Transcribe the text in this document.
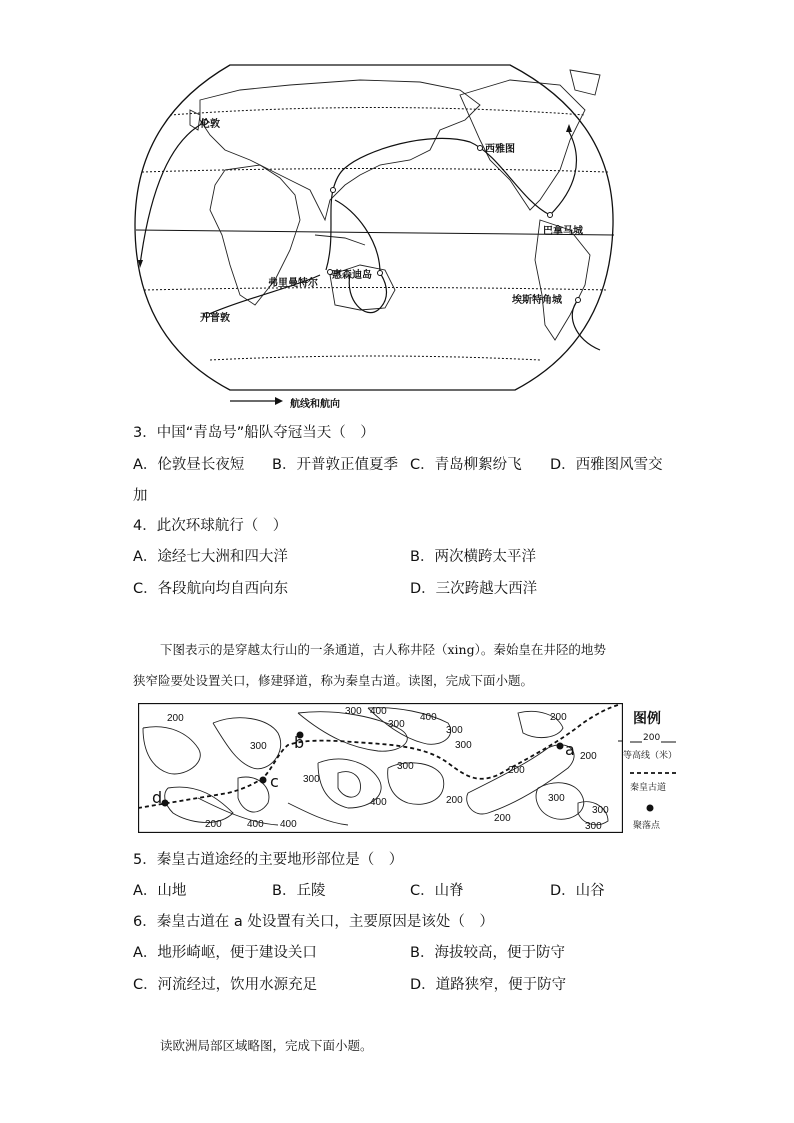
伦敦
西雅图
巴拿马城
弗里曼特尔
惠森迪岛
开普敦
埃斯特角城
航线和航向
3．中国“青岛号”船队夺冠当天（　）
A．伦敦昼长夜短 B．开普敦正值夏季 C．青岛柳絮纷飞 D．西雅图风雪交
加
4．此次环球航行（　）
A．途经七大洲和四大洋	B．两次横跨太平洋
C．各段航向均自西向东	D．三次跨越大西洋
下图表示的是穿越太行山的一条通道，古人称井陉（xing）。秦始皇在井陉的地势
狭窄险要处设置关口，修建驿道，称为秦皇古道。读图，完成下面小题。
a
b
c
d
200
300 400
300
400
300
200
300
300
300
400
200
300
400 400
200
200
200
300
300
300
200
图例
200
等高线（米）
秦皇古道
聚落点
5．秦皇古道途经的主要地形部位是（　）
A．山地	B．丘陵	C．山脊	D．山谷
6．秦皇古道在 a 处设置有关口，主要原因是该处（　）
A．地形崎岖，便于建设关口	B．海拔较高，便于防守
C．河流经过，饮用水源充足	D．道路狭窄，便于防守
读欧洲局部区域略图，完成下面小题。
